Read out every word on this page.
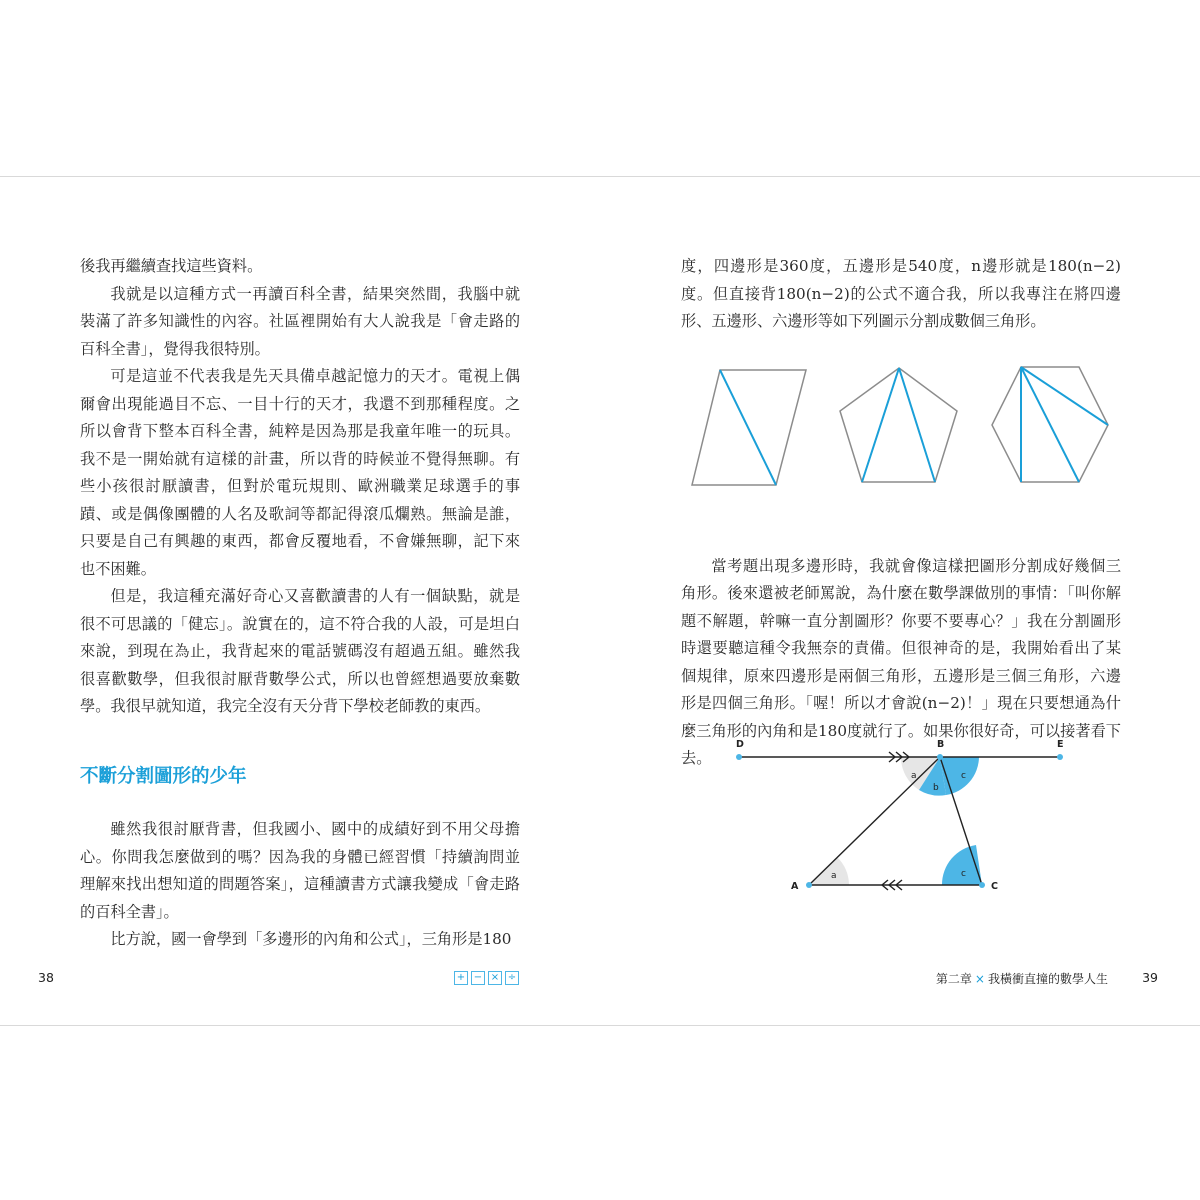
後我再繼續查找這些資料。

我就是以這種方式一再讀百科全書，結果突然間，我腦中就裝滿了許多知識性的內容。社區裡開始有大人說我是「會走路的百科全書」，覺得我很特別。

可是這並不代表我是先天具備卓越記憶力的天才。電視上偶爾會出現能過目不忘、一目十行的天才，我還不到那種程度。之所以會背下整本百科全書，純粹是因為那是我童年唯一的玩具。我不是一開始就有這樣的計畫，所以背的時候並不覺得無聊。有些小孩很討厭讀書，但對於電玩規則、歐洲職業足球選手的事蹟、或是偶像團體的人名及歌詞等都記得滾瓜爛熟。無論是誰，只要是自己有興趣的東西，都會反覆地看，不會嫌無聊，記下來也不困難。

但是，我這種充滿好奇心又喜歡讀書的人有一個缺點，就是很不可思議的「健忘」。說實在的，這不符合我的人設，可是坦白來說，到現在為止，我背起來的電話號碼沒有超過五組。雖然我很喜歡數學，但我很討厭背數學公式，所以也曾經想過要放棄數學。我很早就知道，我完全沒有天分背下學校老師教的東西。

不斷分割圖形的少年

雖然我很討厭背書，但我國小、國中的成績好到不用父母擔心。你問我怎麼做到的嗎？因為我的身體已經習慣「持續詢問並理解來找出想知道的問題答案」，這種讀書方式讓我變成「會走路的百科全書」。

比方說，國一會學到「多邊形的內角和公式」，三角形是180

38	+ − × ÷

度，四邊形是360度，五邊形是540度，n邊形就是180(n−2)度。但直接背180(n−2)的公式不適合我，所以我專注在將四邊形、五邊形、六邊形等如下列圖示分割成數個三角形。

當考題出現多邊形時，我就會像這樣把圖形分割成好幾個三角形。後來還被老師罵說，為什麼在數學課做別的事情：「叫你解題不解題，幹嘛一直分割圖形？你要不要專心？」我在分割圖形時還要聽這種令我無奈的責備。但很神奇的是，我開始看出了某個規律，原來四邊形是兩個三角形，五邊形是三個三角形，六邊形是四個三角形。「喔！所以才會說(n−2)！」現在只要想通為什麼三角形的內角和是180度就行了。如果你很好奇，可以接著看下去。

D	B	E
A	C
a
b
c
c
a
第二章 × 我橫衝直撞的數學人生	39
